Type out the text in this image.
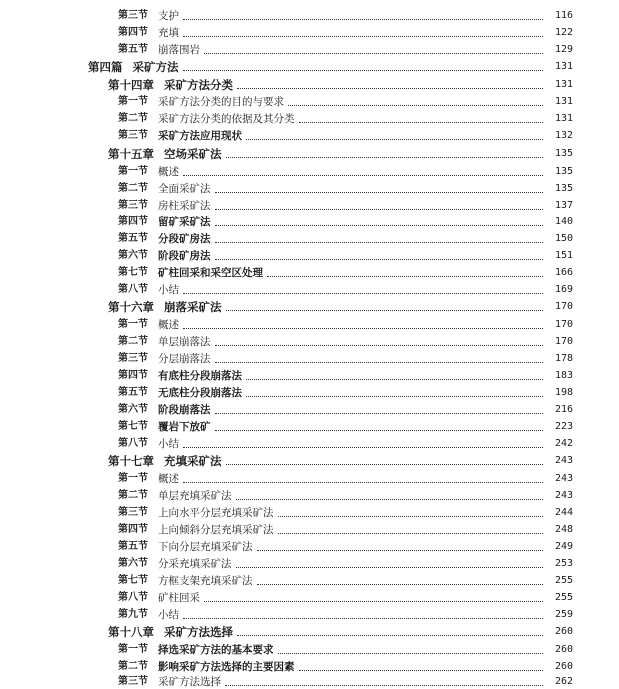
第三节 支护	116
第四节 充填	122
第五节 崩落围岩	129
第四篇 采矿方法	131
第十四章 采矿方法分类	131
第一节 采矿方法分类的目的与要求	131
第二节 采矿方法分类的依据及其分类	131
第三节 采矿方法应用现状	132
第十五章 空场采矿法	135
第一节 概述	135
第二节 全面采矿法	135
第三节 房柱采矿法	137
第四节 留矿采矿法	140
第五节 分段矿房法	150
第六节 阶段矿房法	151
第七节 矿柱回采和采空区处理	166
第八节 小结	169
第十六章 崩落采矿法	170
第一节 概述	170
第二节 单层崩落法	170
第三节 分层崩落法	178
第四节 有底柱分段崩落法	183
第五节 无底柱分段崩落法	198
第六节 阶段崩落法	216
第七节 覆岩下放矿	223
第八节 小结	242
第十七章 充填采矿法	243
第一节 概述	243
第二节 单层充填采矿法	243
第三节 上向水平分层充填采矿法	244
第四节 上向倾斜分层充填采矿法	248
第五节 下向分层充填采矿法	249
第六节 分采充填采矿法	253
第七节 方框支架充填采矿法	255
第八节 矿柱回采	255
第九节 小结	259
第十八章 采矿方法选择	260
第一节 择选采矿方法的基本要求	260
第二节 影响采矿方法选择的主要因素	260
第三节 采矿方法选择	262
